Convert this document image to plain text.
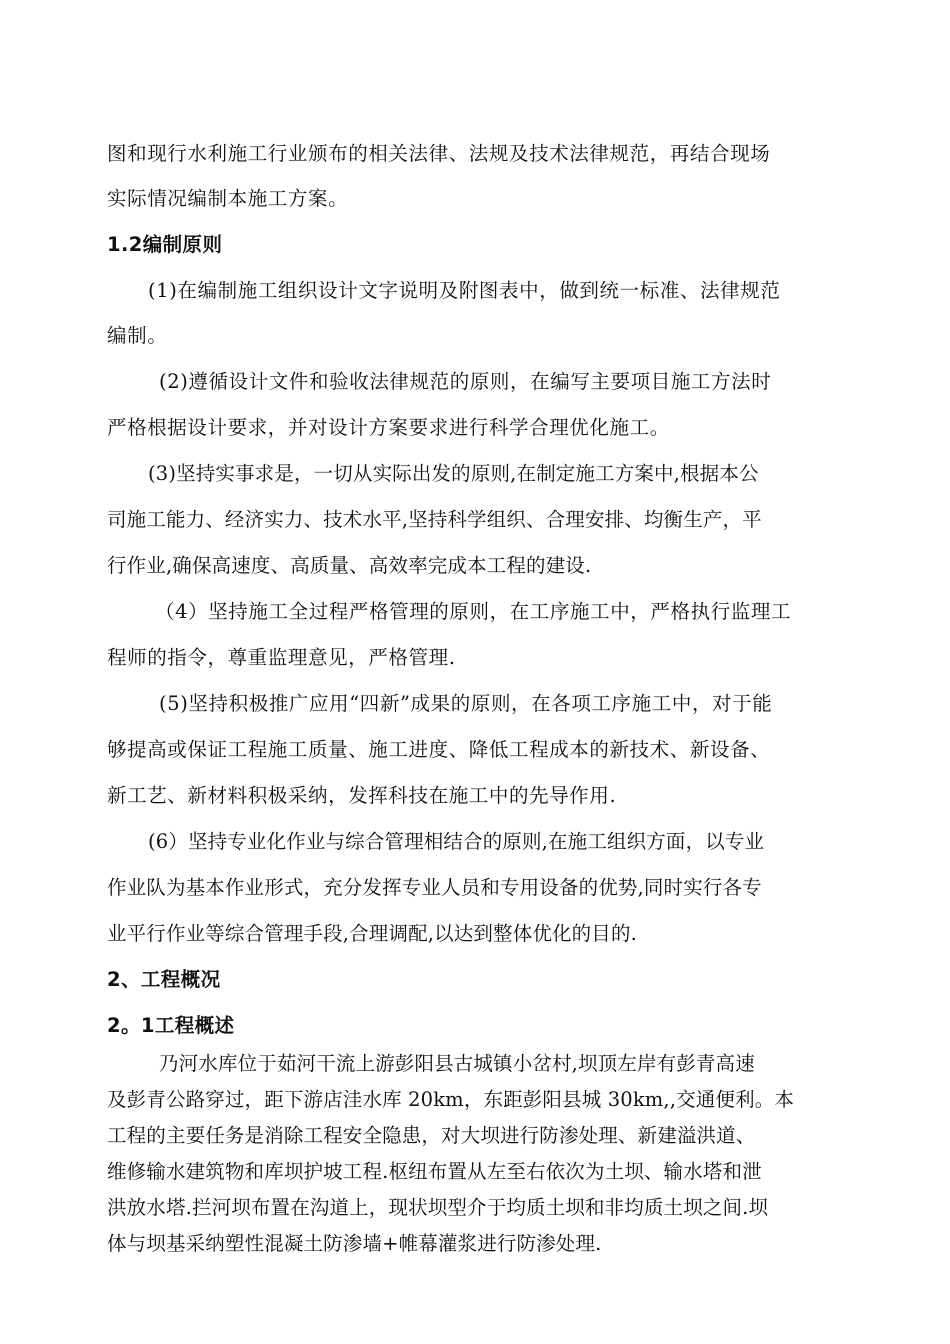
图和现行水利施工行业颁布的相关法律、法规及技术法律规范，再结合现场
实际情况编制本施工方案。
1.2编制原则
(1)在编制施工组织设计文字说明及附图表中，做到统一标准、法律规范
编制。
(2)遵循设计文件和验收法律规范的原则，在编写主要项目施工方法时
严格根据设计要求，并对设计方案要求进行科学合理优化施工。
(3)坚持实事求是，一切从实际出发的原则,在制定施工方案中,根据本公
司施工能力、经济实力、技术水平,坚持科学组织、合理安排、均衡生产，平
行作业,确保高速度、高质量、高效率完成本工程的建设.
（4）坚持施工全过程严格管理的原则，在工序施工中，严格执行监理工
程师的指令，尊重监理意见，严格管理.
(5)坚持积极推广应用“四新”成果的原则，在各项工序施工中，对于能
够提高或保证工程施工质量、施工进度、降低工程成本的新技术、新设备、
新工艺、新材料积极采纳，发挥科技在施工中的先导作用.
(6）坚持专业化作业与综合管理相结合的原则,在施工组织方面，以专业
作业队为基本作业形式，充分发挥专业人员和专用设备的优势,同时实行各专
业平行作业等综合管理手段,合理调配,以达到整体优化的目的.
2、工程概况
2。1工程概述
乃河水库位于茹河干流上游彭阳县古城镇小岔村,坝顶左岸有彭青高速
及彭青公路穿过，距下游店洼水库 20km，东距彭阳县城 30km,,交通便利。本
工程的主要任务是消除工程安全隐患，对大坝进行防渗处理、新建溢洪道、
维修输水建筑物和库坝护坡工程.枢纽布置从左至右依次为土坝、输水塔和泄
洪放水塔.拦河坝布置在沟道上，现状坝型介于均质土坝和非均质土坝之间.坝
体与坝基采纳塑性混凝土防渗墙+帷幕灌浆进行防渗处理.
